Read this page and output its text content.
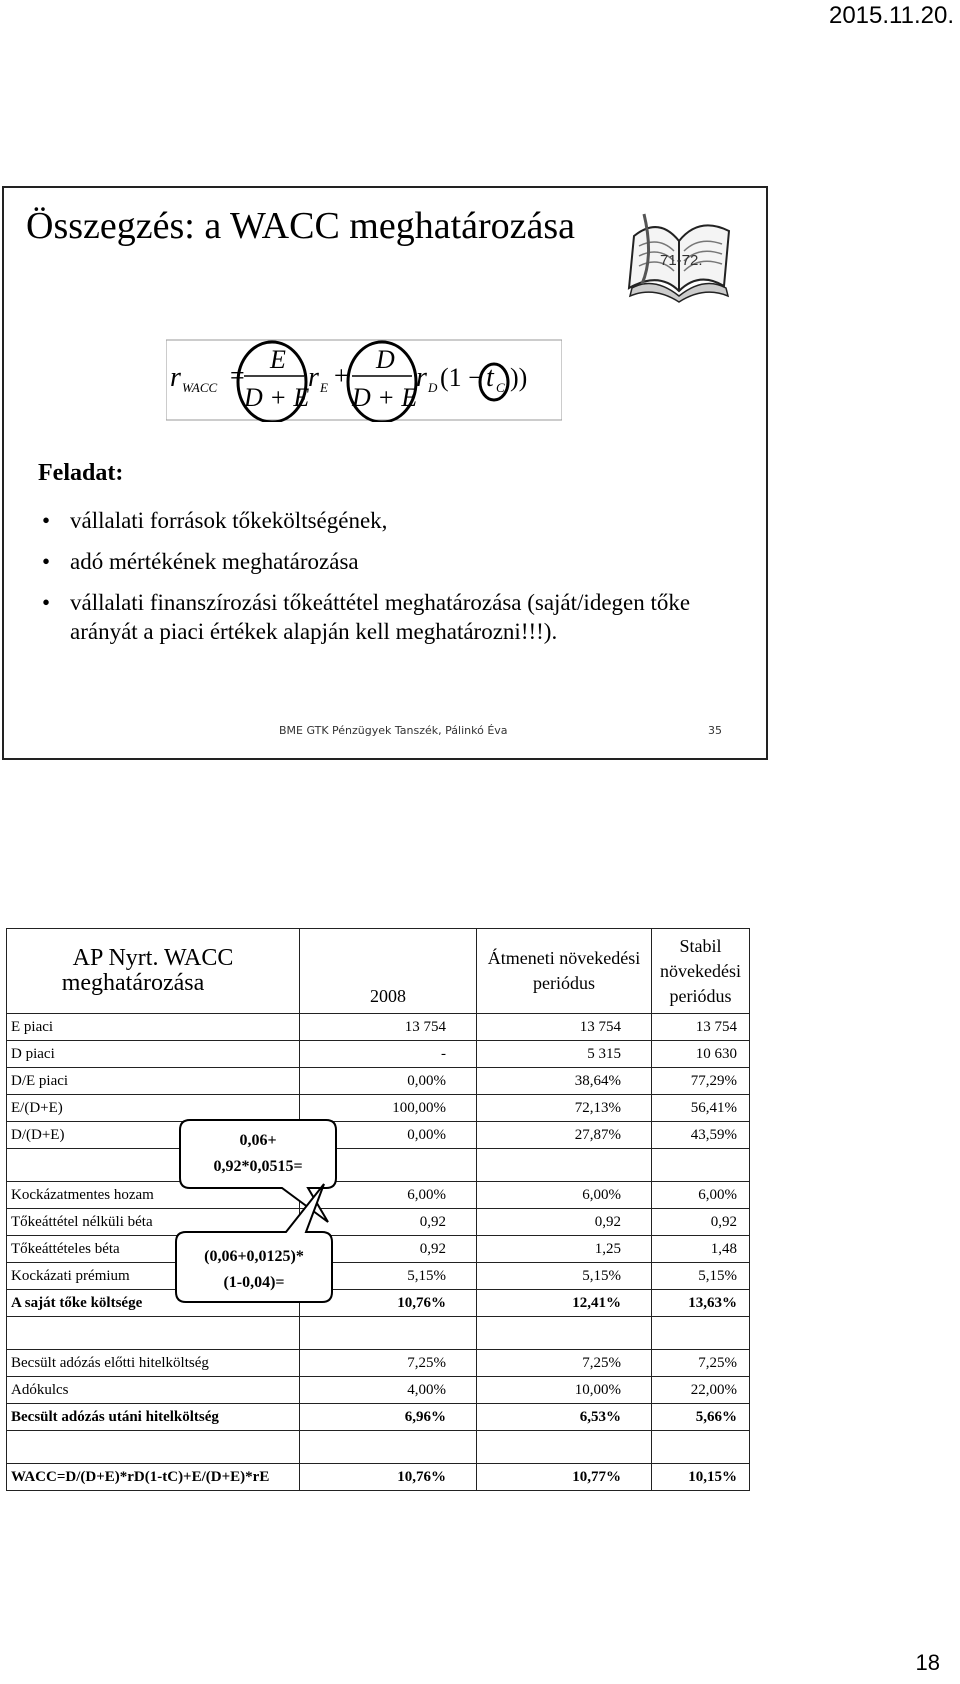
2015.11.20.
Összegzés: a WACC meghatározása
71-72.
r WACC =
E
D + E
r E +
D
D + E
r D (1 − t C ))
Feladat:
• vállalati források tőkeköltségének,
• adó mértékének meghatározása
• vállalati finanszírozási tőkeáttétel meghatározása (saját/idegen tőke arányát a piaci értékek alapján kell meghatározni!!!).
BME GTK Pénzügyek Tanszék, Pálinkó Éva	35
AP Nyrt. WACC
meghatározása	2008	Átmeneti növekedési periódus	Stabil növekedési periódus
E piaci	13 754	13 754	13 754
D piaci	-	5 315	10 630
D/E piaci	0,00%	38,64%	77,29%
E/(D+E)	100,00%	72,13%	56,41%
D/(D+E)	0,00%	27,87%	43,59%

Kockázatmentes hozam	6,00%	6,00%	6,00%
Tőkeáttétel nélküli béta	0,92	0,92	0,92
Tőkeáttételes béta	0,92	1,25	1,48
Kockázati prémium	5,15%	5,15%	5,15%
A saját tőke költsége	10,76%	12,41%	13,63%

Becsült adózás előtti hitelköltség	7,25%	7,25%	7,25%
Adókulcs	4,00%	10,00%	22,00%
Becsült adózás utáni hitelköltség	6,96%	6,53%	5,66%

WACC=D/(D+E)*rD(1-tC)+E/(D+E)*rE	10,76%	10,77%	10,15%
0,06+
0,92*0,0515=
(0,06+0,0125)*
(1-0,04)=
18
